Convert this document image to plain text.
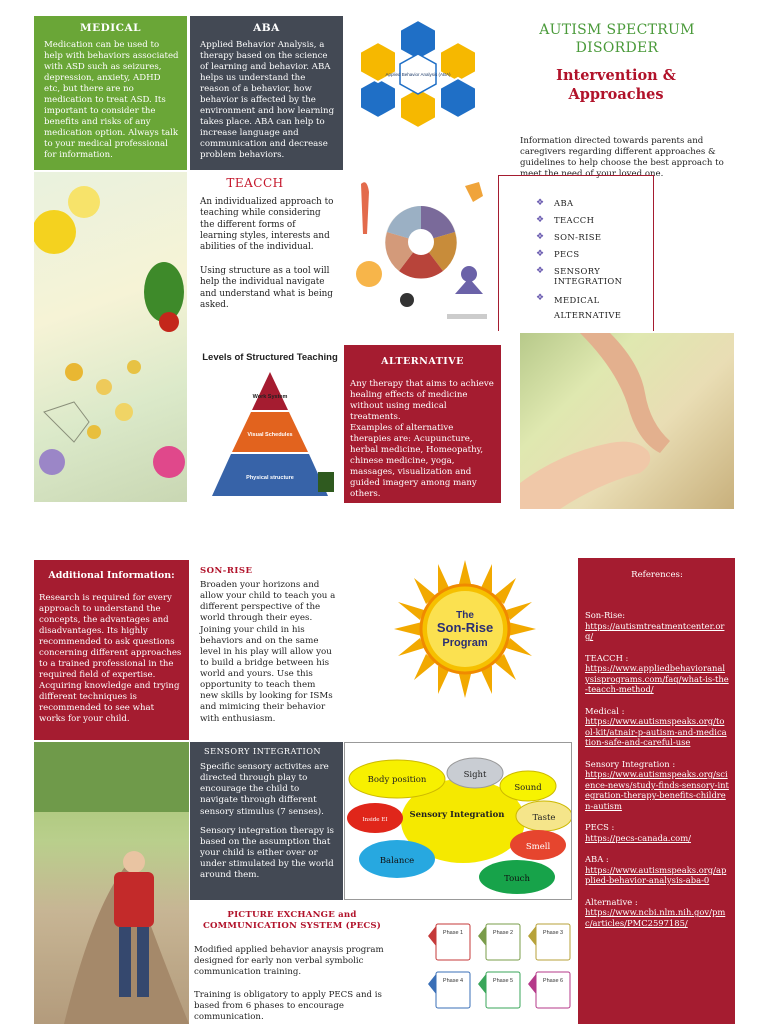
MEDICAL
Medication can be used to help with behaviors associated with ASD such as seizures, depression, anxiety, ADHD etc, but there are no medication to treat ASD. Its important to consider the benefits and risks of any medication option. Always talk to your medical professional for information.
ABA
Applied Behavior Analysis, a therapy based on the science of learning and behavior. ABA helps us understand the reason of a behavior, how behavior is affected by the environment and how learning takes place. ABA can help to increase language and communication and decrease problem behaviors.
Applied Behavior Analysis (ABA)
AUTISM SPECTRUM DISORDER
Intervention & Approaches
Information directed towards parents and caregivers regarding different approaches & guidelines to help choose the best approach to meet the need of your loved one.
❖	ABA
❖	TEACCH
❖	SON-RISE
❖	PECS
❖	SENSORY INTEGRATION
❖	MEDICAL ALTERNATIVE
TEACCH
An individualized approach to teaching while considering the different forms of learning styles, interests and abilities of the individual.
Using structure as a tool will help the individual navigate and understand what is being asked.
Levels of Structured Teaching
Work System
Visual Schedules
Physical structure
ALTERNATIVE
Any therapy that aims to achieve healing effects of medicine without using medical treatments.
Examples of alternative therapies are: Acupuncture, herbal medicine, Homeopathy, chinese medicine, yoga, massages, visualization and guided imagery among many others.
Additional Information:
Research is required for every approach to understand the concepts, the advantages and disadvantages. Its highly recommended to ask questions concerning different approaches to a trained professional in the required field of expertise. Acquiring knowledge and trying different techniques is recommended to see what works for your child.
SON-RISE
Broaden your horizons and allow your child to teach you a different perspective of the world through their eyes. Joining your child in his behaviors and on the same level in his play will allow you to build a bridge between his world and yours. Use this opportunity to teach them new skills by looking for ISMs and mimicing their behavior with enthusiasm.
The
Son-Rise
Program
SENSORY INTEGRATION
Specific sensory activites are directed through play to encourage the child to navigate through different sensory stimulus (7 senses).
Sensory integration therapy is based on the assumption that your child is either over or under stimulated by the world around them.
Sensory Integration
Body position	Sight
Sound
Taste
Smell
Touch
Balance
Inside EI
PICTURE EXCHANGE and COMMUNICATION SYSTEM (PECS)
Modified applied behavior anaysis program designed for early non verbal symbolic communication training.
Training is obligatory to apply PECS and is based from 6 phases to encourage communication.
Phase 1	Phase 2	Phase 3
Phase 4	Phase 5	Phase 6
References:
Son-Rise:
https://autismtreatmentcenter.org/
TEACCH :
https://www.appliedbehavioranalysisprograms.com/faq/what-is-the-teacch-method/
Medical :
https://www.autismspeaks.org/tool-kit/atnair-p-autism-and-medication-safe-and-careful-use
Sensory Integration :
https://www.autismspeaks.org/science-news/study-finds-sensory-integration-therapy-benefits-children-autism
PECS :
https://pecs-canada.com/
ABA :
https://www.autismspeaks.org/applied-behavior-analysis-aba-0
Alternative :
https://www.ncbi.nlm.nih.gov/pmc/articles/PMC2597185/
